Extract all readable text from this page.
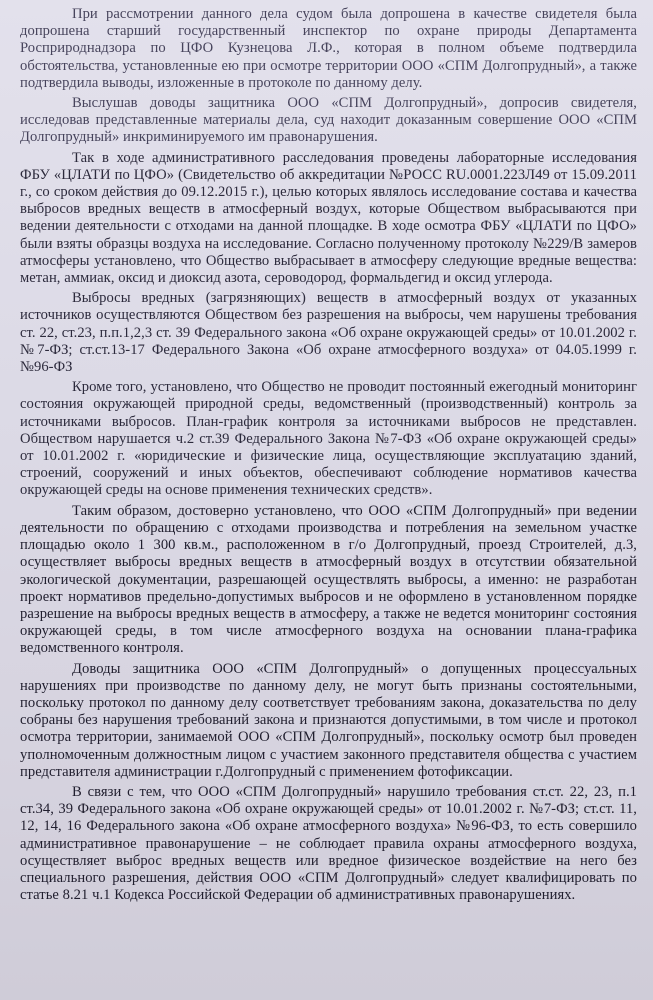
При рассмотрении данного дела судом была допрошена в качестве свидетеля была допрошена старший государственный инспектор по охране природы Департамента Росприроднадзора по ЦФО Кузнецова Л.Ф., которая в полном объеме подтвердила обстоятельства, установленные ею при осмотре территории ООО «СПМ Долгопрудный», а также подтвердила выводы, изложенные в протоколе по данному делу.

Выслушав доводы защитника ООО «СПМ Долгопрудный», допросив свидетеля, исследовав представленные материалы дела, суд находит доказанным совершение ООО «СПМ Долгопрудный» инкриминируемого им правонарушения.

Так в ходе административного расследования проведены лабораторные исследования ФБУ «ЦЛАТИ по ЦФО» (Свидетельство об аккредитации №РОСС RU.0001.223Л49 от 15.09.2011 г., со сроком действия до 09.12.2015 г.), целью которых являлось исследование состава и качества выбросов вредных веществ в атмосферный воздух, которые Обществом выбрасываются при ведении деятельности с отходами на данной площадке. В ходе осмотра ФБУ «ЦЛАТИ по ЦФО» были взяты образцы воздуха на исследование. Согласно полученному протоколу №229/В замеров атмосферы установлено, что Общество выбрасывает в атмосферу следующие вредные вещества: метан, аммиак, оксид и диоксид азота, сероводород, формальдегид и оксид углерода.

Выбросы вредных (загрязняющих) веществ в атмосферный воздух от указанных источников осуществляются Обществом без разрешения на выбросы, чем нарушены требования ст. 22, ст.23, п.п.1,2,3 ст. 39 Федерального закона «Об охране окружающей среды» от 10.01.2002 г. №7-ФЗ; ст.ст.13-17 Федерального Закона «Об охране атмосферного воздуха» от 04.05.1999 г. №96-ФЗ

Кроме того, установлено, что Общество не проводит постоянный ежегодный мониторинг состояния окружающей природной среды, ведомственный (производственный) контроль за источниками выбросов. План-график контроля за источниками выбросов не представлен. Обществом нарушается ч.2 ст.39 Федерального Закона №7-ФЗ «Об охране окружающей среды» от 10.01.2002 г. «юридические и физические лица, осуществляющие эксплуатацию зданий, строений, сооружений и иных объектов, обеспечивают соблюдение нормативов качества окружающей среды на основе применения технических средств».

Таким образом, достоверно установлено, что ООО «СПМ Долгопрудный» при ведении деятельности по обращению с отходами производства и потребления на земельном участке площадью около 1 300 кв.м., расположенном в г/о Долгопрудный, проезд Строителей, д.3, осуществляет выбросы вредных веществ в атмосферный воздух в отсутствии обязательной экологической документации, разрешающей осуществлять выбросы, а именно: не разработан проект нормативов предельно-допустимых выбросов и не оформлено в установленном порядке разрешение на выбросы вредных веществ в атмосферу, а также не ведется мониторинг состояния окружающей среды, в том числе атмосферного воздуха на основании плана-графика ведомственного контроля.

Доводы защитника ООО «СПМ Долгопрудный» о допущенных процессуальных нарушениях при производстве по данному делу, не могут быть признаны состоятельными, поскольку протокол по данному делу соответствует требованиям закона, доказательства по делу собраны без нарушения требований закона и признаются допустимыми, в том числе и протокол осмотра территории, занимаемой ООО «СПМ Долгопрудный», поскольку осмотр был проведен уполномоченным должностным лицом с участием законного представителя общества с участием представителя администрации г.Долгопрудный с применением фотофиксации.

В связи с тем, что ООО «СПМ Долгопрудный» нарушило требования ст.ст. 22, 23, п.1 ст.34, 39 Федерального закона «Об охране окружающей среды» от 10.01.2002 г. №7-ФЗ; ст.ст. 11, 12, 14, 16 Федерального закона «Об охране атмосферного воздуха» №96-ФЗ, то есть совершило административное правонарушение – не соблюдает правила охраны атмосферного воздуха, осуществляет выброс вредных веществ или вредное физическое воздействие на него без специального разрешения, действия ООО «СПМ Долгопрудный» следует квалифицировать по статье 8.21 ч.1 Кодекса Российской Федерации об административных правонарушениях.
